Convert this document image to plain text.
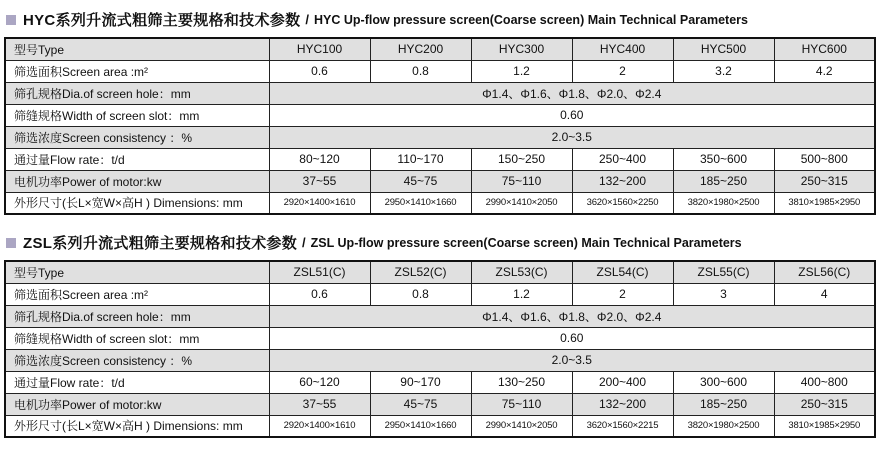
HYC系列升流式粗筛主要规格和技术参数 / HYC Up-flow pressure screen(Coarse screen) Main Technical Parameters
型号Type	HYC100	HYC200	HYC300	HYC400	HYC500	HYC600
筛选面积Screen area :m²	0.6	0.8	1.2	2	3.2	4.2
筛孔规格Dia.of screen hole：mm	Φ1.4、Φ1.6、Φ1.8、Φ2.0、Φ2.4					
筛缝规格Width of screen slot：mm	0.60					
筛选浓度Screen consistency ：%	2.0~3.5					
通过量Flow rate：t/d	80~120	110~170	150~250	250~400	350~600	500~800
电机功率Power of motor:kw	37~55	45~75	75~110	132~200	185~250	250~315
外形尺寸(长L×宽W×高H ) Dimensions: mm	2920×1400×1610	2950×1410×1660	2990×1410×2050	3620×1560×2250	3820×1980×2500	3810×1985×2950
ZSL系列升流式粗筛主要规格和技术参数 / ZSL Up-flow pressure screen(Coarse screen) Main Technical Parameters
型号Type	ZSL51(C)	ZSL52(C)	ZSL53(C)	ZSL54(C)	ZSL55(C)	ZSL56(C)
筛选面积Screen area :m²	0.6	0.8	1.2	2	3	4
筛孔规格Dia.of screen hole：mm	Φ1.4、Φ1.6、Φ1.8、Φ2.0、Φ2.4					
筛缝规格Width of screen slot：mm	0.60					
筛选浓度Screen consistency ：%	2.0~3.5					
通过量Flow rate：t/d	60~120	90~170	130~250	200~400	300~600	400~800
电机功率Power of motor:kw	37~55	45~75	75~110	132~200	185~250	250~315
外形尺寸(长L×宽W×高H ) Dimensions: mm	2920×1400×1610	2950×1410×1660	2990×1410×2050	3620×1560×2215	3820×1980×2500	3810×1985×2950
